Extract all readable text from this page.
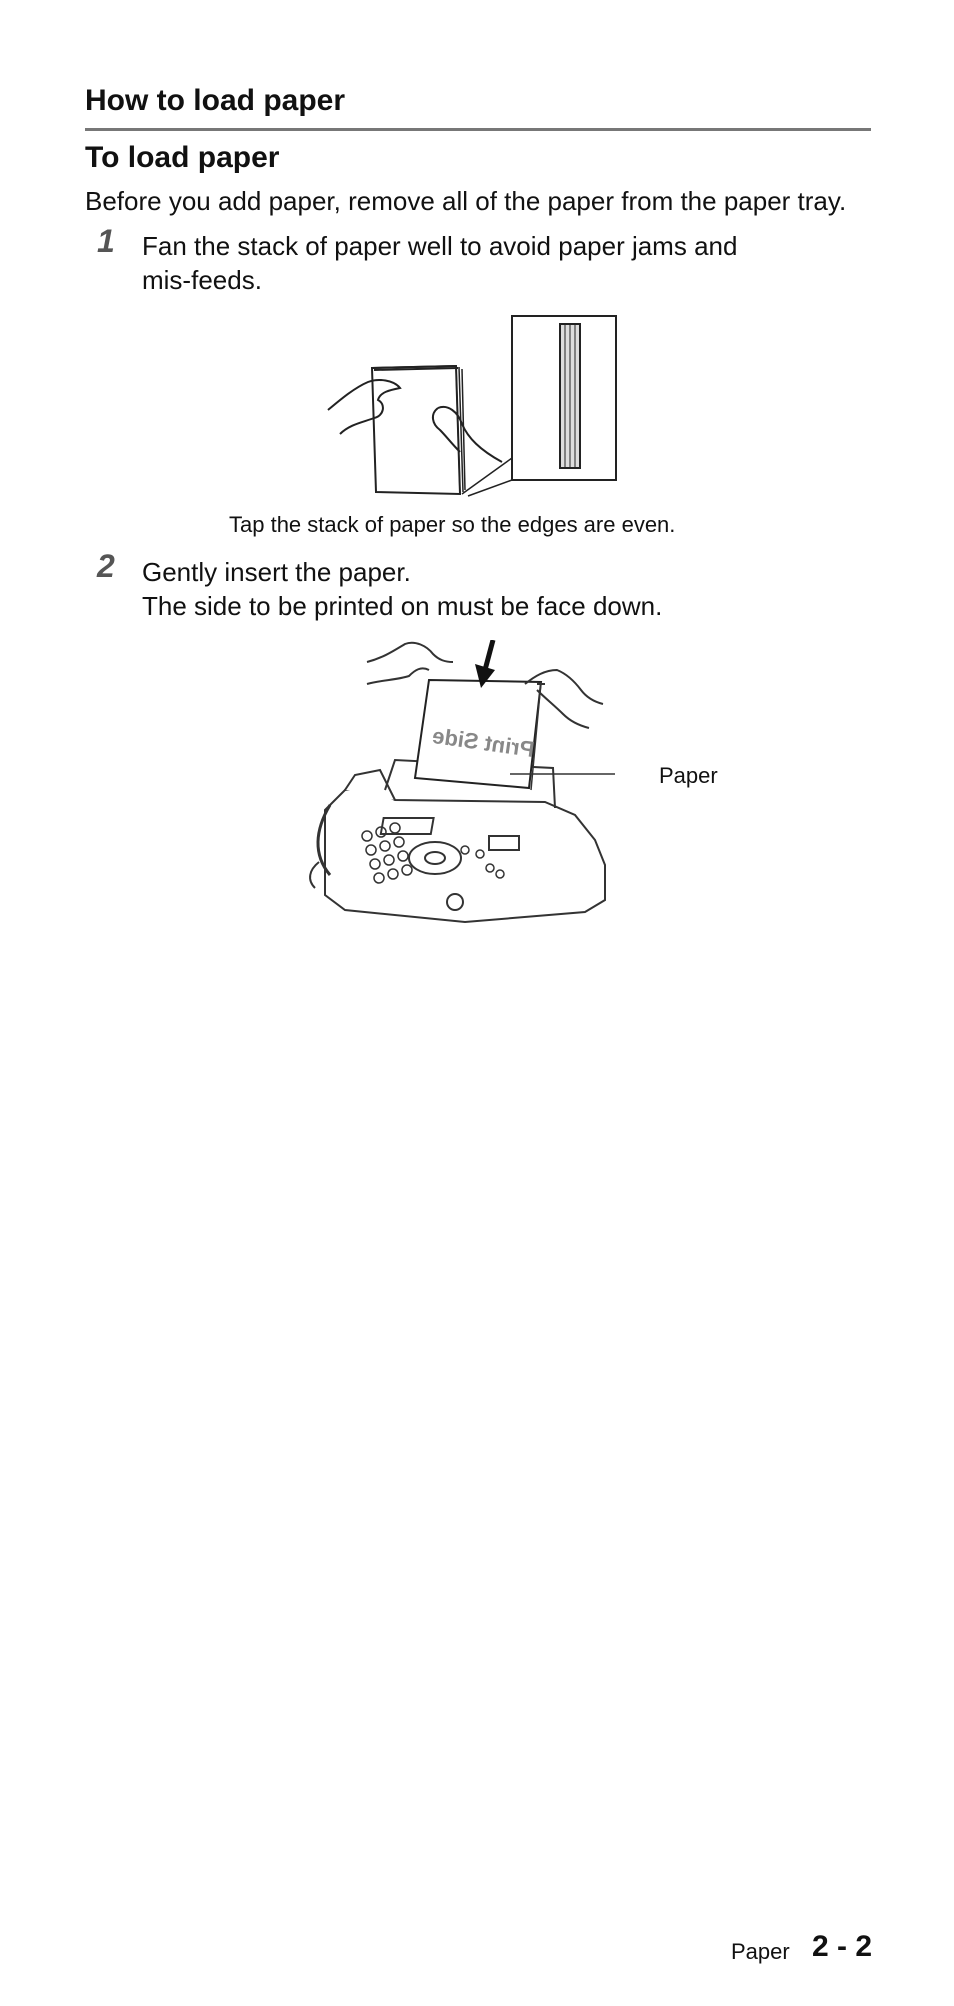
How to load paper
To load paper
Before you add paper, remove all of the paper from the paper tray.
1 Fan the stack of paper well to avoid paper jams and
mis-feeds.
Tap the stack of paper so the edges are even.
2 Gently insert the paper.
The side to be printed on must be face down.
Print Side
Paper
Paper 2 - 2
